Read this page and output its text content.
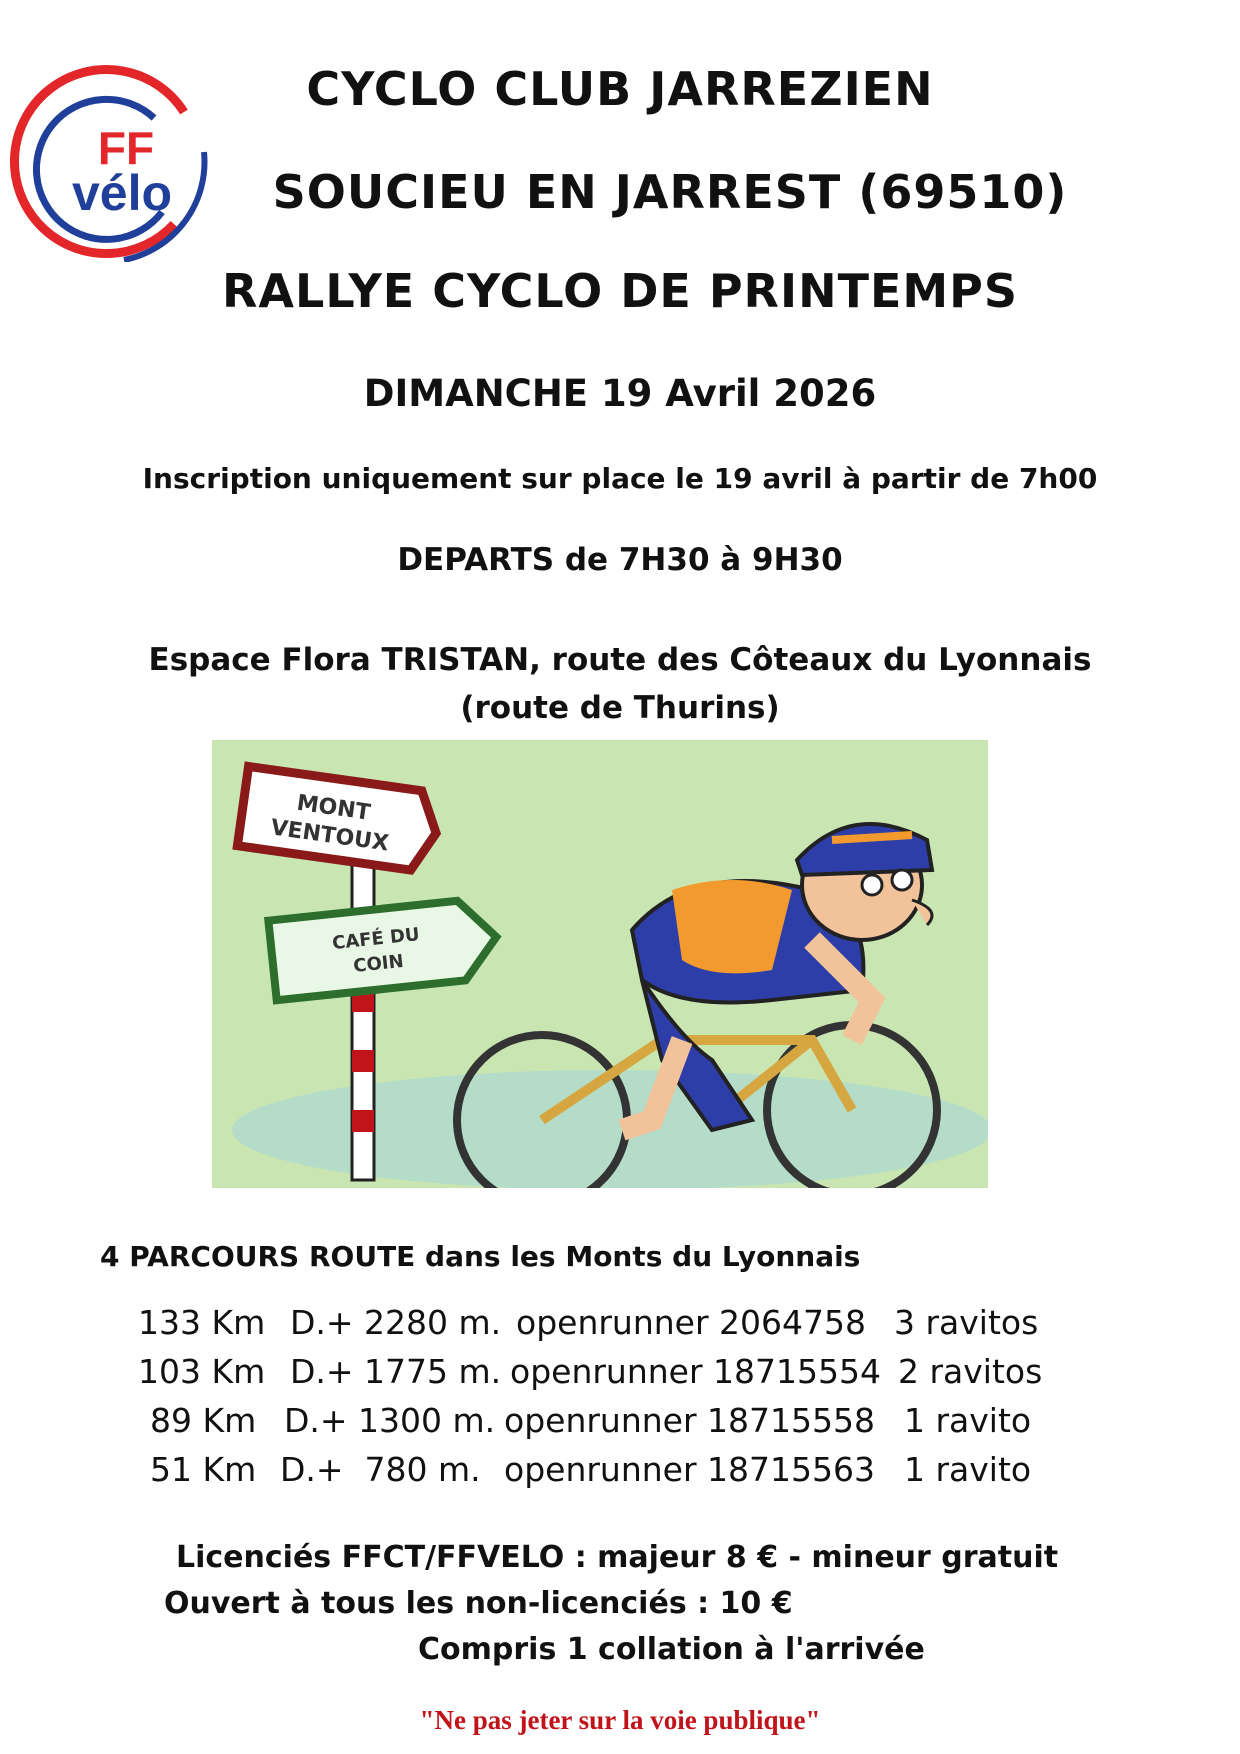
FF
vélo
CYCLO CLUB JARREZIEN
SOUCIEU EN JARREST (69510)
RALLYE CYCLO DE PRINTEMPS
DIMANCHE 19 Avril 2026
Inscription uniquement sur place le 19 avril à partir de 7h00
DEPARTS de 7H30 à 9H30
Espace Flora TRISTAN, route des Côteaux du Lyonnais
(route de Thurins)
MONT
VENTOUX
CAFÉ DU
COIN
4 PARCOURS ROUTE dans les Monts du Lyonnais
133 Km D.+ 2280 m. openrunner 2064758 3 ravitos
103 Km D.+ 1775 m. openrunner 18715554 2 ravitos
89 Km D.+ 1300 m. openrunner 18715558 1 ravito
51 Km D.+  780 m. openrunner 18715563 1 ravito
Licenciés FFCT/FFVELO : majeur 8 € - mineur gratuit
Ouvert à tous les non-licenciés : 10 €
Compris 1 collation à l'arrivée
"Ne pas jeter sur la voie publique"
